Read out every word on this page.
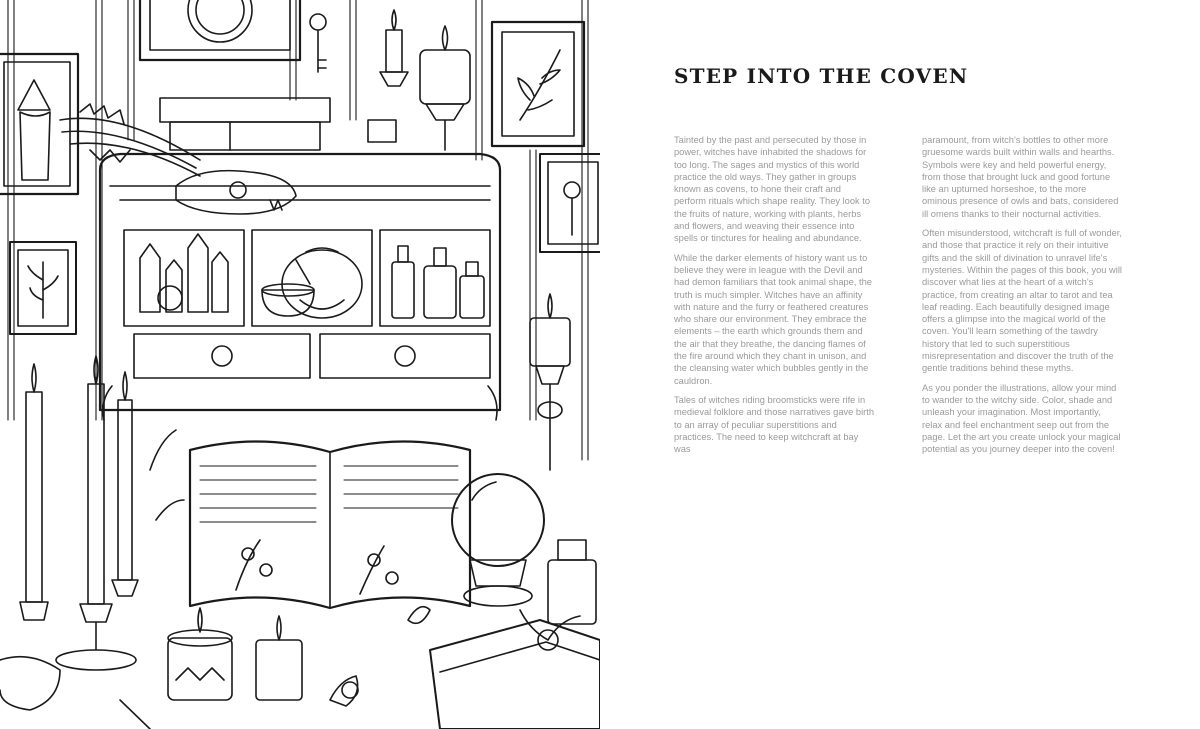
STEP INTO THE COVEN

Tainted by the past and persecuted by those in power, witches have inhabited the shadows for too long. The sages and mystics of this world practice the old ways. They gather in groups known as covens, to hone their craft and perform rituals which shape reality. They look to the fruits of nature, working with plants, herbs and flowers, and weaving their essence into spells or tinctures for healing and abundance.

While the darker elements of history want us to believe they were in league with the Devil and had demon familiars that took animal shape, the truth is much simpler. Witches have an affinity with nature and the furry or feathered creatures who share our environment. They embrace the elements – the earth which grounds them and the air that they breathe, the dancing flames of the fire around which they chant in unison, and the cleansing water which bubbles gently in the cauldron.

Tales of witches riding broomsticks were rife in medieval folklore and those narratives gave birth to an array of peculiar superstitions and practices. The need to keep witchcraft at bay was

paramount, from witch's bottles to other more gruesome wards built within walls and hearths. Symbols were key and held powerful energy, from those that brought luck and good fortune like an upturned horseshoe, to the more ominous presence of owls and bats, considered ill omens thanks to their nocturnal activities.

Often misunderstood, witchcraft is full of wonder, and those that practice it rely on their intuitive gifts and the skill of divination to unravel life's mysteries. Within the pages of this book, you will discover what lies at the heart of a witch's practice, from creating an altar to tarot and tea leaf reading. Each beautifully designed image offers a glimpse into the magical world of the coven. You'll learn something of the tawdry history that led to such superstitious misrepresentation and discover the truth of the gentle traditions behind these myths.

As you ponder the illustrations, allow your mind to wander to the witchy side. Color, shade and unleash your imagination. Most importantly, relax and feel enchantment seep out from the page. Let the art you create unlock your magical potential as you journey deeper into the coven!
